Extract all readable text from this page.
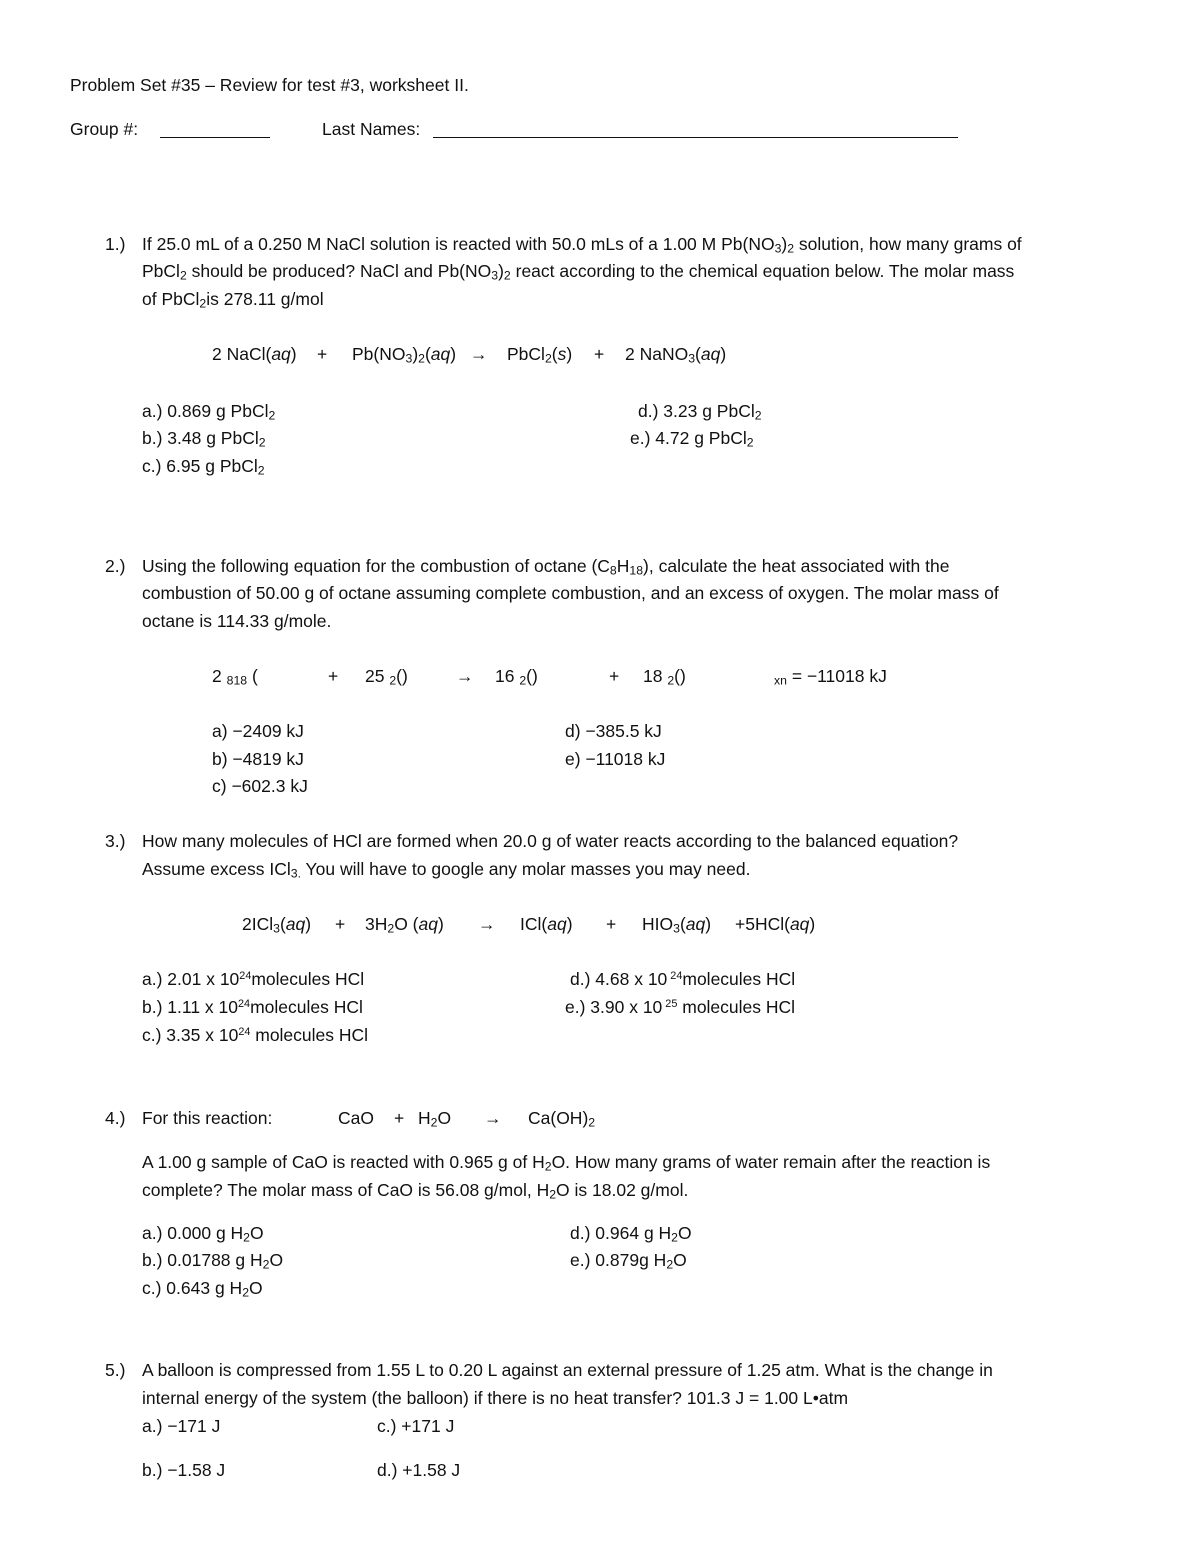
Problem Set #35 – Review for test #3, worksheet II.
Group #:	Last Names:
1.) If 25.0 mL of a 0.250 M NaCl solution is reacted with 50.0 mLs of a 1.00 M $Pb(NO_3)_2$ solution, how many grams of
PbCl$_2$ should be produced? NaCl and $Pb(NO_3)_2$ react according to the chemical equation below. The molar mass
of PbCl$_2$is 278.11 g/mol
2 NaCl(aq) + $Pb(NO_3)_2(aq)$ → PbCl$_2$(s) + 2 NaNO$_3$(aq)
a.) 0.869 g PbCl$_2$
b.) 3.48 g PbCl$_2$
c.) 6.95 g PbCl$_2$
d.) 3.23 g PbCl$_2$
e.) 4.72 g PbCl$_2$
2.) Using the following equation for the combustion of octane $(C_8H_{18})$, calculate the heat associated with the
combustion of 50.00 g of octane assuming complete combustion, and an excess of oxygen. The molar mass of
octane is 114.33 g/mole.
2 $_{818}$ (	+ 25 $_2$()	→ 16 $_2$()	+ 18 $_2$()	$_{xn}$ = −11018 kJ
a) −2409 kJ
b) −4819 kJ
c) −602.3 kJ
d) −385.5 kJ
e) −11018 kJ
3.) How many molecules of HCl are formed when 20.0 g of water reacts according to the balanced equation?
Assume excess ICl$_{3.}$ You will have to google any molar masses you may need.
$2ICl_3(aq) + 3H_2O$ $(aq) \to ICl(aq) + HIO_3(aq) +5HCl(aq)$
a.) 2.01 x $10^{24}molecules$ HCl
b.) 1.11 x $10^{24}molecules$ HCl
c.) 3.35 x $10^{24}$ molecules HCl
d.) 4.68 x 10 $^{24}$molecules HCl
e.) 3.90 x 10 $^{25}$ molecules HCl
4.) For this reaction:	CaO + $H_2O \to Ca(OH)_2$
A 1.00 g sample of CaO is reacted with 0.965 g of $H_2O$. How many grams of water remain after the reaction is
complete? The molar mass of CaO is 56.08 g/mol, $H_2O$ is 18.02 g/mol.
a.) 0.000 g $H_2O$
b.) 0.01788 g $H_2O$
c.) 0.643 g $H_2O$
d.) 0.964 g $H_2O$
e.) 0.879g $H_2O$
5.) A balloon is compressed from 1.55 L to 0.20 L against an external pressure of 1.25 atm. What is the change in
internal energy of the system (the balloon) if there is no heat transfer? 101.3 J = 1.00 L•atm
a.) −171 J	c.) +171 J
b.) −1.58 J	d.) +1.58 J
